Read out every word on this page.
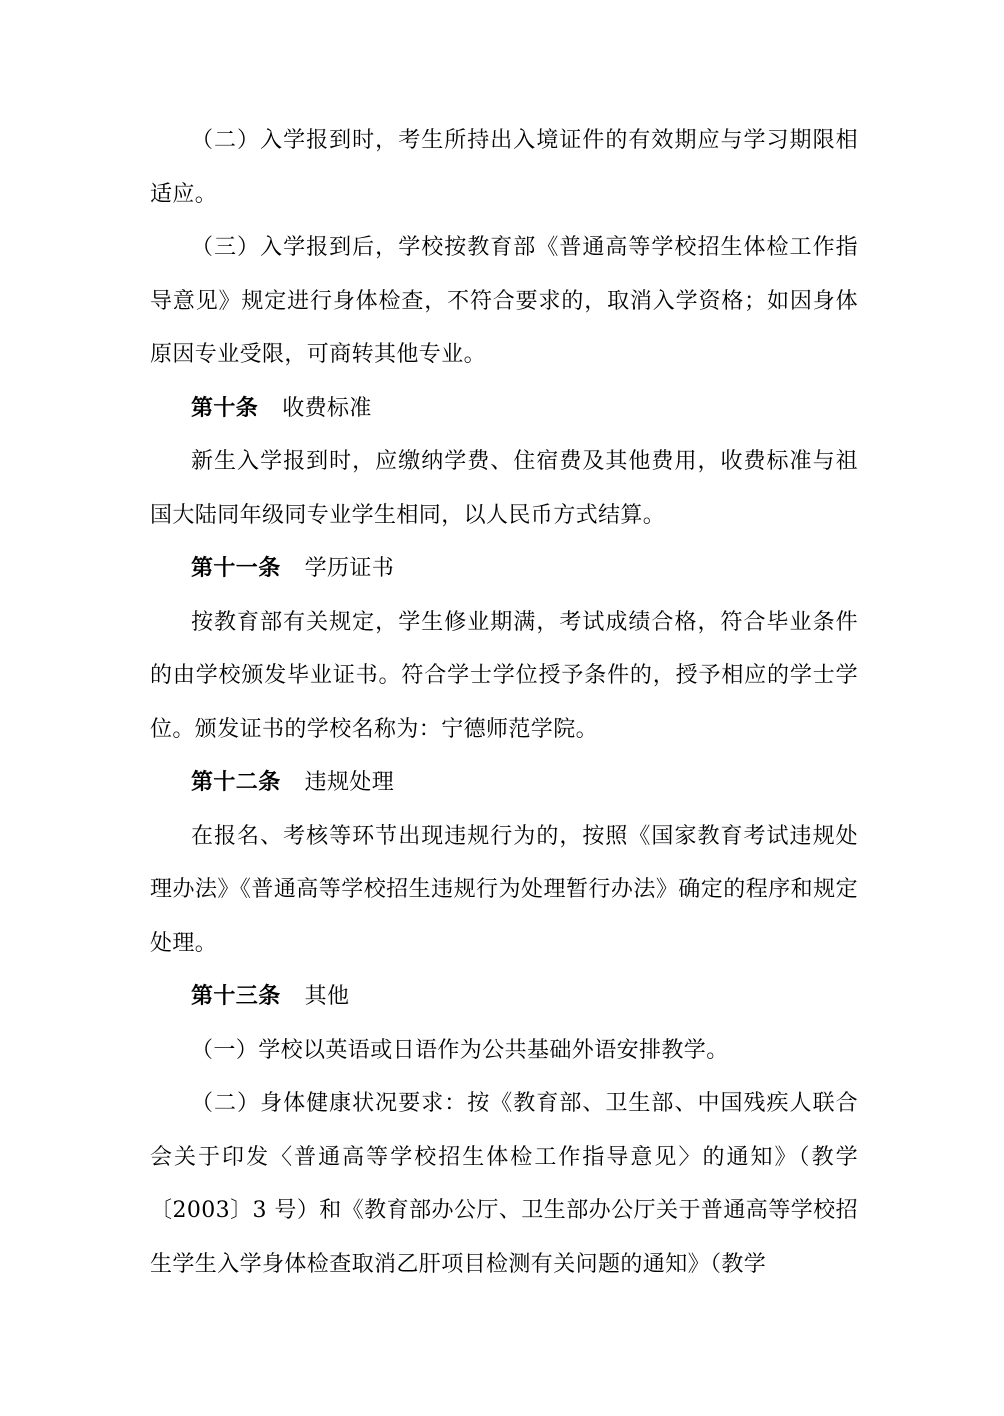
（二）入学报到时，考生所持出入境证件的有效期应与学习期限相适应。

（三）入学报到后，学校按教育部《普通高等学校招生体检工作指导意见》规定进行身体检查，不符合要求的，取消入学资格；如因身体原因专业受限，可商转其他专业。

第十条 收费标准

新生入学报到时，应缴纳学费、住宿费及其他费用，收费标准与祖国大陆同年级同专业学生相同，以人民币方式结算。

第十一条 学历证书

按教育部有关规定，学生修业期满，考试成绩合格，符合毕业条件的由学校颁发毕业证书。符合学士学位授予条件的，授予相应的学士学位。颁发证书的学校名称为：宁德师范学院。

第十二条 违规处理

在报名、考核等环节出现违规行为的，按照《国家教育考试违规处理办法》《普通高等学校招生违规行为处理暂行办法》确定的程序和规定处理。

第十三条 其他

（一）学校以英语或日语作为公共基础外语安排教学。

（二）身体健康状况要求：按《教育部、卫生部、中国残疾人联合会关于印发〈普通高等学校招生体检工作指导意见〉的通知》（教学〔2003〕3 号）和《教育部办公厅、卫生部办公厅关于普通高等学校招生学生入学身体检查取消乙肝项目检测有关问题的通知》（教学
